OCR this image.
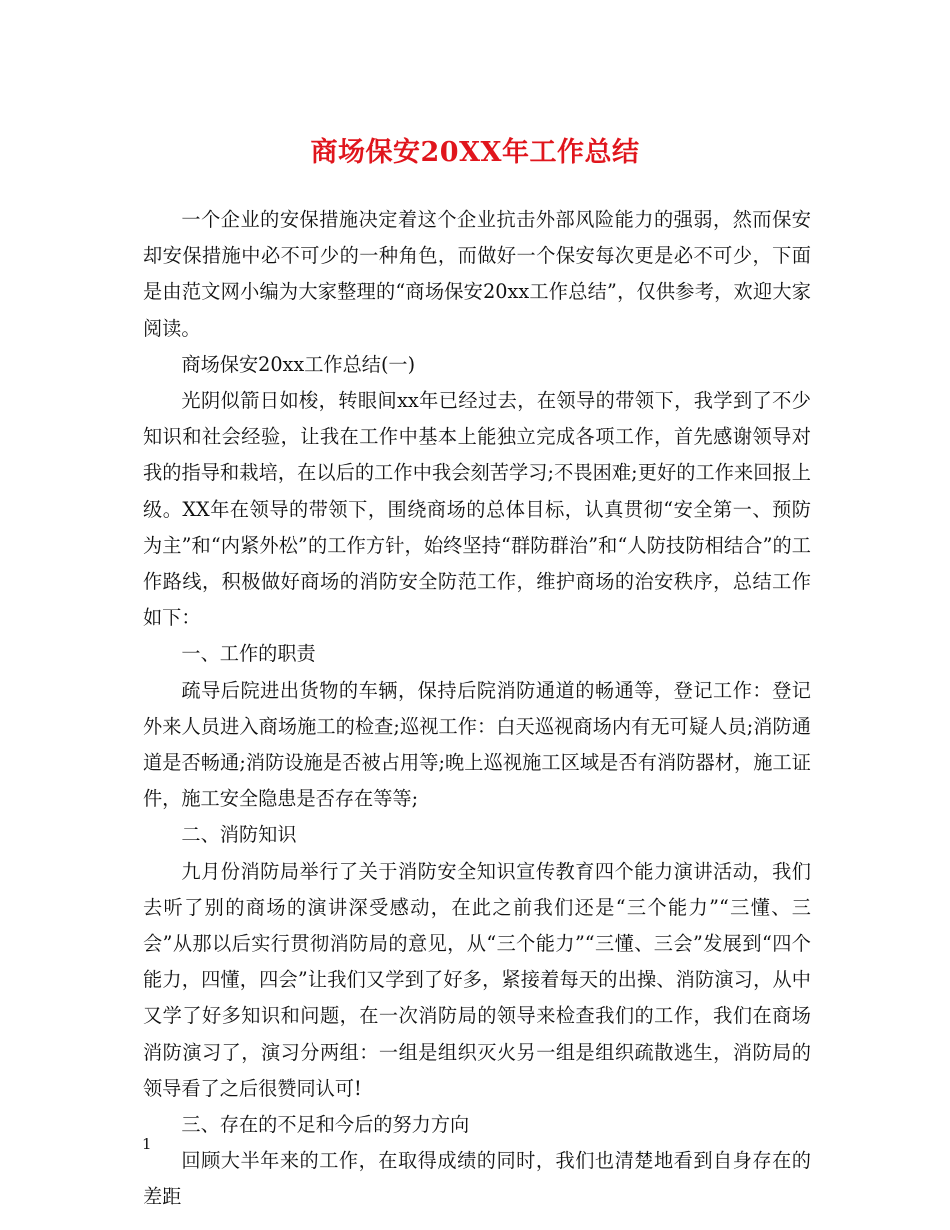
商场保安20XX年工作总结

一个企业的安保措施决定着这个企业抗击外部风险能力的强弱，然而保安却安保措施中必不可少的一种角色，而做好一个保安每次更是必不可少，下面是由范文网小编为大家整理的“商场保安20xx工作总结”，仅供参考，欢迎大家阅读。

商场保安20xx工作总结(一)

光阴似箭日如梭，转眼间xx年已经过去，在领导的带领下，我学到了不少知识和社会经验，让我在工作中基本上能独立完成各项工作，首先感谢领导对我的指导和栽培，在以后的工作中我会刻苦学习;不畏困难;更好的工作来回报上级。XX年在领导的带领下，围绕商场的总体目标，认真贯彻“安全第一、预防为主”和“内紧外松”的工作方针，始终坚持“群防群治”和“人防技防相结合”的工作路线，积极做好商场的消防安全防范工作，维护商场的治安秩序，总结工作如下：

一、工作的职责

疏导后院进出货物的车辆，保持后院消防通道的畅通等，登记工作：登记外来人员进入商场施工的检查;巡视工作：白天巡视商场内有无可疑人员;消防通道是否畅通;消防设施是否被占用等;晚上巡视施工区域是否有消防器材，施工证件，施工安全隐患是否存在等等;

二、消防知识

九月份消防局举行了关于消防安全知识宣传教育四个能力演讲活动，我们去听了别的商场的演讲深受感动，在此之前我们还是“三个能力”“三懂、三会”从那以后实行贯彻消防局的意见，从“三个能力”“三懂、三会”发展到“四个能力，四懂，四会”让我们又学到了好多，紧接着每天的出操、消防演习，从中又学了好多知识和问题，在一次消防局的领导来检查我们的工作，我们在商场消防演习了，演习分两组：一组是组织灭火另一组是组织疏散逃生，消防局的领导看了之后很赞同认可!

三、存在的不足和今后的努力方向

回顾大半年来的工作，在取得成绩的同时，我们也清楚地看到自身存在的差距

1
